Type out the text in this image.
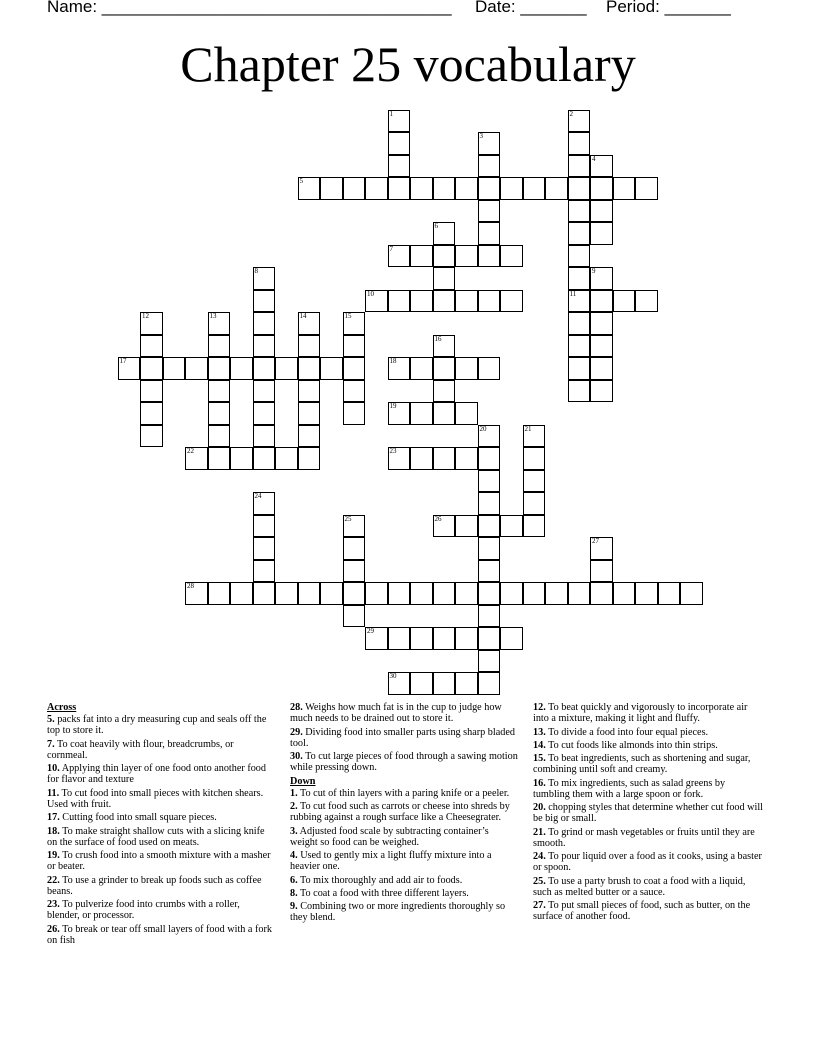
Name: _____________________________________ Date: _______ Period: _______
Chapter 25 vocabulary
1	2
11
3
4
5
6
7
8	9
10
12	13	14	15
16
17	18
19
20	21
22	23
24
25	26
27
28
29
30
Across
5. packs fat into a dry measuring cup and seals off the top to store it.
7. To coat heavily with flour, breadcrumbs, or cornmeal.
10. Applying thin layer of one food onto another food for flavor and texture
11. To cut food into small pieces with kitchen shears. Used with fruit.
17. Cutting food into small square pieces.
18. To make straight shallow cuts with a slicing knife on the surface of food used on meats.
19. To crush food into a smooth mixture with a masher or beater.
22. To use a grinder to break up foods such as coffee beans.
23. To pulverize food into crumbs with a roller, blender, or processor.
26. To break or tear off small layers of food with a fork on fish
28. Weighs how much fat is in the cup to judge how much needs to be drained out to store it.
29. Dividing food into smaller parts using sharp bladed tool.
30. To cut large pieces of food through a sawing motion while pressing down.
Down
1. To cut of thin layers with a paring knife or a peeler.
2. To cut food such as carrots or cheese into shreds by rubbing against a rough surface like a Cheesegrater.
3. Adjusted food scale by subtracting container’s weight so food can be weighed.
4. Used to gently mix a light fluffy mixture into a heavier one.
6. To mix thoroughly and add air to foods.
8. To coat a food with three different layers.
9. Combining two or more ingredients thoroughly so they blend.
12. To beat quickly and vigorously to incorporate air into a mixture, making it light and fluffy.
13. To divide a food into four equal pieces.
14. To cut foods like almonds into thin strips.
15. To beat ingredients, such as shortening and sugar, combining until soft and creamy.
16. To mix ingredients, such as salad greens by tumbling them with a large spoon or fork.
20. chopping styles that determine whether cut food will be big or small.
21. To grind or mash vegetables or fruits until they are smooth.
24. To pour liquid over a food as it cooks, using a baster or spoon.
25. To use a party brush to coat a food with a liquid, such as melted butter or a sauce.
27. To put small pieces of food, such as butter, on the surface of another food.
